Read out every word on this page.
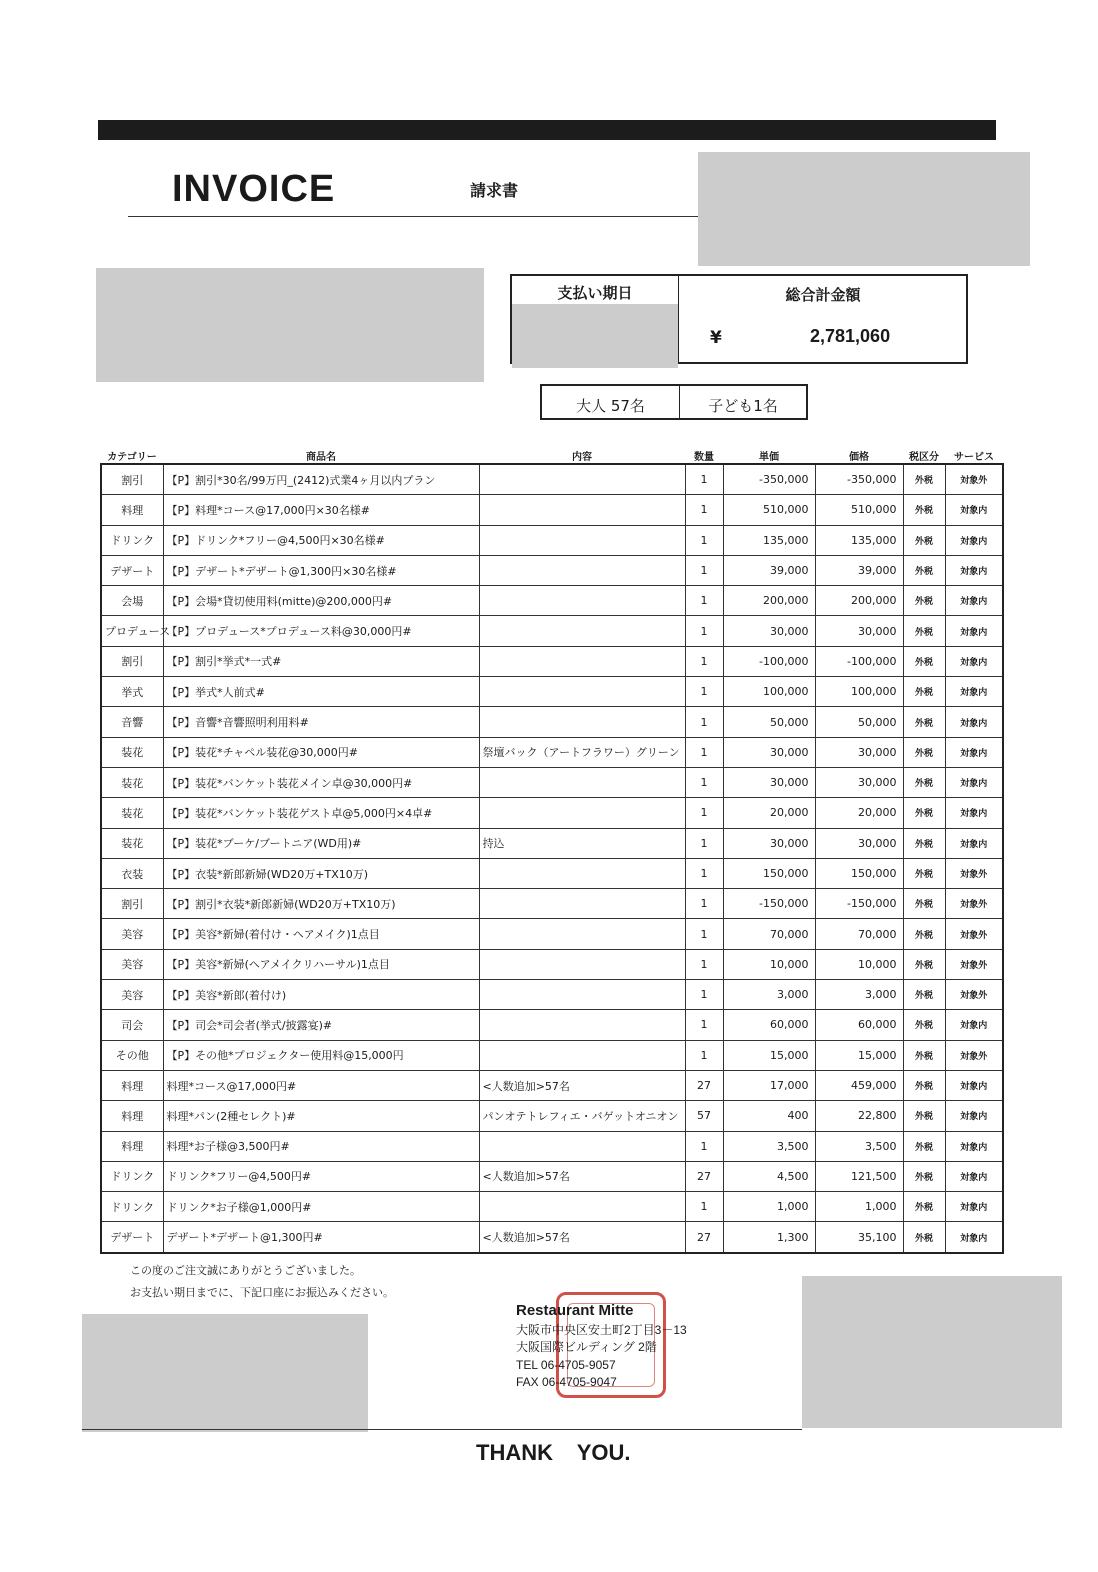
INVOICE	請求書
支払い期日	総合計金額
¥	2,781,060
大人 57名	子ども1名
カテゴリー	商品名	内容	数量	単価	価格	税区分	サービス
割引	【P】割引*30名/99万円_(2412)式業4ヶ月以内プラン		1	-350,000	-350,000	外税	対象外
料理	【P】料理*コース@17,000円×30名様#		1	510,000	510,000	外税	対象内
ドリンク	【P】ドリンク*フリー@4,500円×30名様#		1	135,000	135,000	外税	対象内
デザート	【P】デザート*デザート@1,300円×30名様#		1	39,000	39,000	外税	対象内
会場	【P】会場*貸切使用料(mitte)@200,000円#		1	200,000	200,000	外税	対象内
プロデュース	【P】プロデュース*プロデュース料@30,000円#		1	30,000	30,000	外税	対象内
割引	【P】割引*挙式*一式#		1	-100,000	-100,000	外税	対象内
挙式	【P】挙式*人前式#		1	100,000	100,000	外税	対象内
音響	【P】音響*音響照明利用料#		1	50,000	50,000	外税	対象内
装花	【P】装花*チャペル装花@30,000円#	祭壇バック（アートフラワー）グリーン	1	30,000	30,000	外税	対象内
装花	【P】装花*バンケット装花メイン卓@30,000円#		1	30,000	30,000	外税	対象内
装花	【P】装花*バンケット装花ゲスト卓@5,000円×4卓#		1	20,000	20,000	外税	対象内
装花	【P】装花*ブーケ/ブートニア(WD用)#	持込	1	30,000	30,000	外税	対象内
衣装	【P】衣装*新郎新婦(WD20万+TX10万)		1	150,000	150,000	外税	対象外
割引	【P】割引*衣装*新郎新婦(WD20万+TX10万)		1	-150,000	-150,000	外税	対象外
美容	【P】美容*新婦(着付け・ヘアメイク)1点目		1	70,000	70,000	外税	対象外
美容	【P】美容*新婦(ヘアメイクリハーサル)1点目		1	10,000	10,000	外税	対象外
美容	【P】美容*新郎(着付け)		1	3,000	3,000	外税	対象外
司会	【P】司会*司会者(挙式/披露宴)#		1	60,000	60,000	外税	対象内
その他	【P】その他*プロジェクター使用料@15,000円		1	15,000	15,000	外税	対象外
料理	料理*コース@17,000円#	<人数追加>57名	27	17,000	459,000	外税	対象内
料理	料理*パン(2種セレクト)#	パンオテトレフィエ・バゲットオニオン	57	400	22,800	外税	対象内
料理	料理*お子様@3,500円#		1	3,500	3,500	外税	対象内
ドリンク	ドリンク*フリー@4,500円#	<人数追加>57名	27	4,500	121,500	外税	対象内
ドリンク	ドリンク*お子様@1,000円#		1	1,000	1,000	外税	対象内
デザート	デザート*デザート@1,300円#	<人数追加>57名	27	1,300	35,100	外税	対象内
この度のご注文誠にありがとうございました。
お支払い期日までに、下記口座にお振込みください。
Restaurant Mitte
大阪市中央区安土町2丁目3－13
大阪国際ビルディング 2階
TEL 06-4705-9057
FAX 06-4705-9047
THANK YOU.
